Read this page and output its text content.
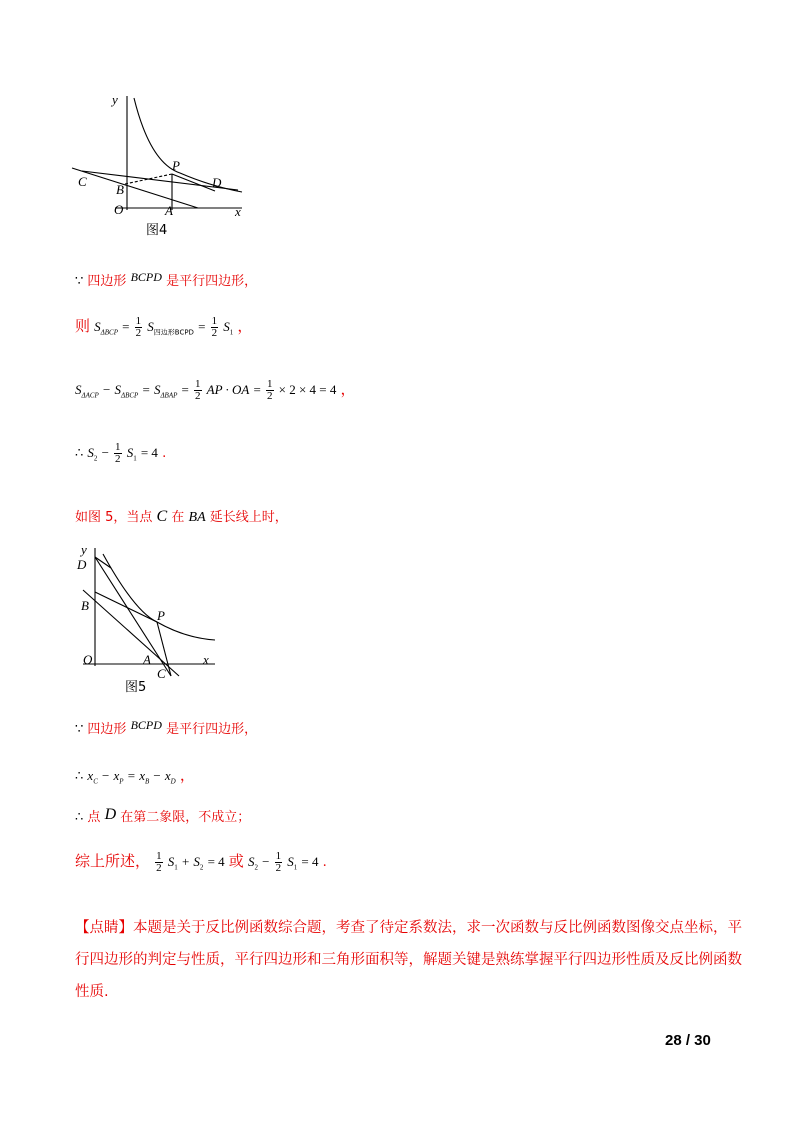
y
x
O	A
B
C
P
D
图4
∵ 四边形 BCPD 是平行四边形，
则 $S_{\Delta BCP} = \frac{1}{2} S_{四边形BCPD} = \frac{1}{2} S_1$ ，
$S_{\Delta ACP} - S_{\Delta BCP} = S_{\Delta BAP} = \frac{1}{2}$ AP · OA = $\frac{1}{2} \times 2 \times 4 = 4$ ，
∴ $S_2 - \frac{1}{2} S_1 = 4$ .
如图 5，当点 C 在 BA 延长线上时，
y
x
O	A
B
C
P
D
图5
∵ 四边形 BCPD 是平行四边形，
∴ $x_C - x_P = x_B - x_D$ ，
∴ 点 D 在第二象限，不成立；
综上所述， $\frac{1}{2} S_1 + S_2 = 4$ 或 $S_2 - \frac{1}{2} S_1 = 4$ .
【点睛】本题是关于反比例函数综合题，考查了待定系数法，求一次函数与反比例函数图像交点坐标，平
行四边形的判定与性质，平行四边形和三角形面积等，解题关键是熟练掌握平行四边形性质及反比例函数
性质.
28 / 30
